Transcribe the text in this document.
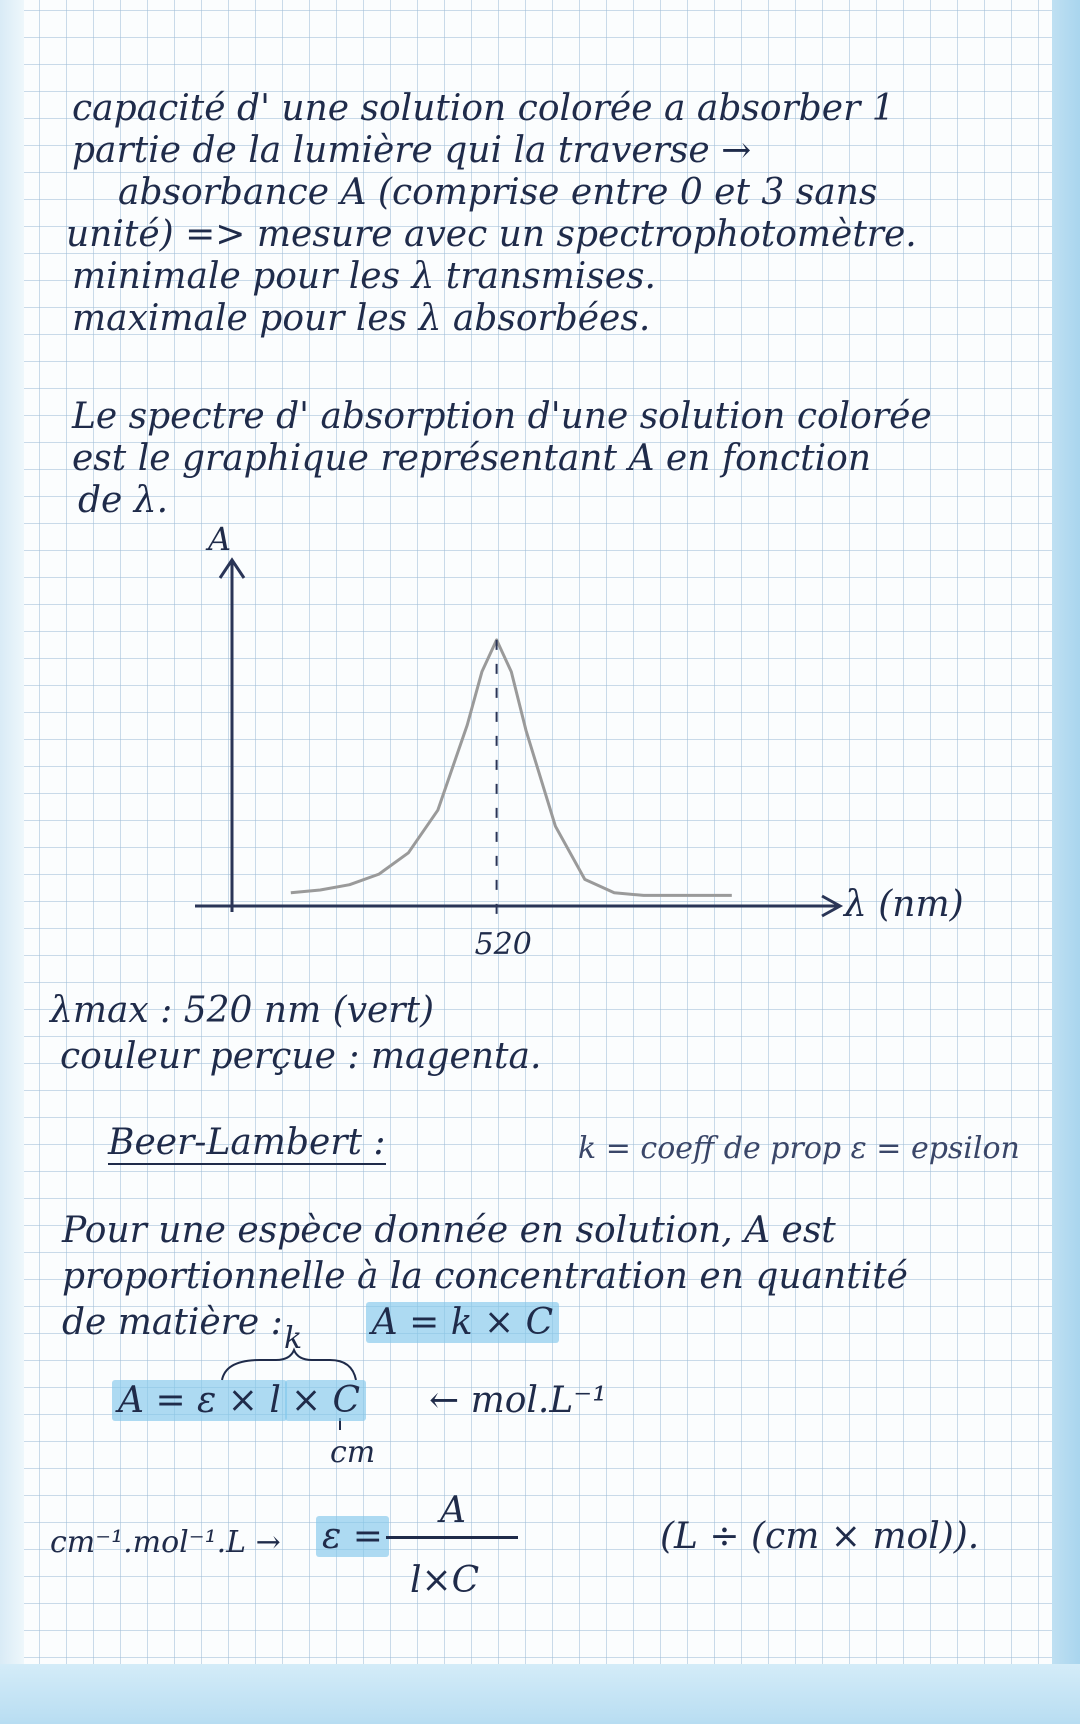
capacité d' une solution colorée a absorber 1
partie de la lumière qui la traverse →
absorbance A (comprise entre 0 et 3 sans
unité) => mesure avec un spectrophotomètre.
minimale pour les λ transmises.
maximale pour les λ absorbées.
Le spectre d' absorption d'une solution colorée
est le graphique représentant A en fonction
de λ.
A
λ (nm)
520
λmax : 520 nm (vert)
couleur perçue : magenta.
Beer-Lambert :	k = coeff de prop ε = epsilon
Pour une espèce donnée en solution, A est
proportionnelle à la concentration en quantité
de matière : A = k × C
k
A = ε × l × C ← mol.L⁻¹
cm
cm⁻¹.mol⁻¹.L → ε =
A
l×C
(L ÷ (cm × mol)).
